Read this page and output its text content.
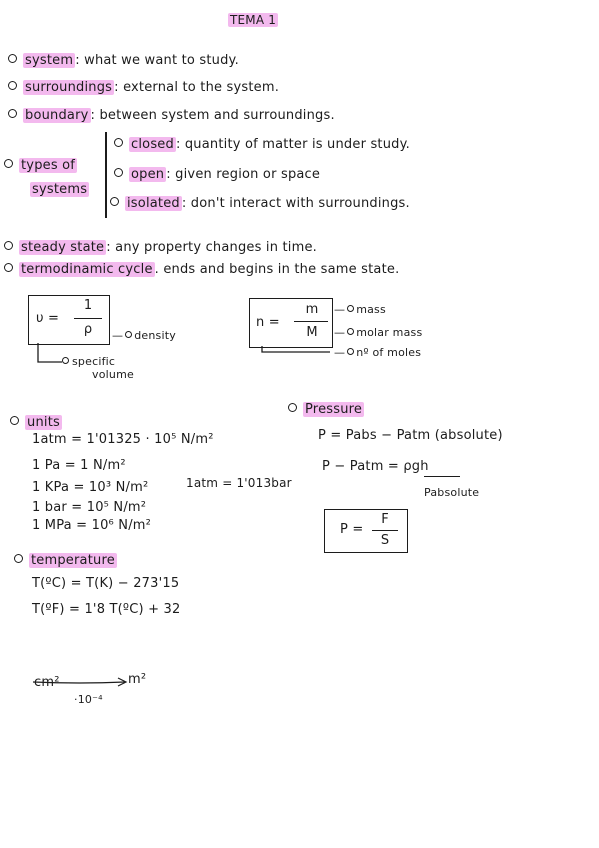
TEMA 1
system : what we want to study.
surroundings : external to the system.
boundary : between system and surroundings.
types of
systems
closed : quantity of matter is under study.
open : given region or space
isolated : don't interact with surroundings.
steady state : any property changes in time.
termodinamic cycle . ends and begins in the same state.
υ =
1
ρ	— density
specific
volume
n =
m
M
— mass
— molar mass
— nº of moles
units
1atm = 1'01325 · 10⁵ N/m²
1 Pa = 1 N/m²
1 KPa = 10³ N/m²
1 bar = 10⁵ N/m²
1 MPa = 10⁶ N/m²
1atm = 1'013bar
Pressure
P = Pabs − Patm (absolute)
P − Patm = ρgh
Pabsolute
P =
F
S
temperature
T(ºC) = T(K) − 273'15
T(ºF) = 1'8 T(ºC) + 32
cm²	m²
·10⁻⁴
